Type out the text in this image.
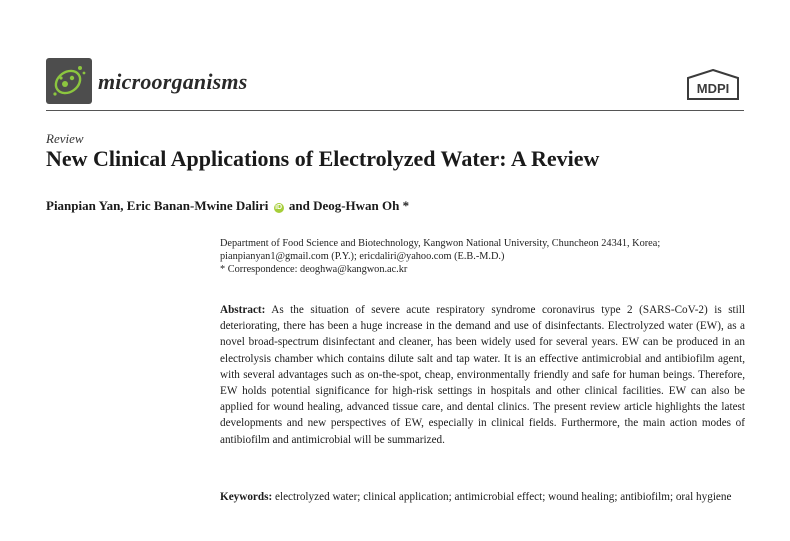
microorganisms	MDPI
Review
New Clinical Applications of Electrolyzed Water: A Review
Pianpian Yan, Eric Banan-Mwine Daliri iD and Deog-Hwan Oh *
Department of Food Science and Biotechnology, Kangwon National University, Chuncheon 24341, Korea;
pianpianyan1@gmail.com (P.Y.); ericdaliri@yahoo.com (E.B.-M.D.)
* Correspondence: deoghwa@kangwon.ac.kr
Abstract: As the situation of severe acute respiratory syndrome coronavirus type 2 (SARS-CoV-2) is still deteriorating, there has been a huge increase in the demand and use of disinfectants. Electrolyzed water (EW), as a novel broad-spectrum disinfectant and cleaner, has been widely used for several years. EW can be produced in an electrolysis chamber which contains dilute salt and tap water. It is an effective antimicrobial and antibiofilm agent, with several advantages such as on-the-spot, cheap, environmentally friendly and safe for human beings. Therefore, EW holds potential significance for high-risk settings in hospitals and other clinical facilities. EW can also be applied for wound healing, advanced tissue care, and dental clinics. The present review article highlights the latest developments and new perspectives of EW, especially in clinical fields. Furthermore, the main action modes of antibiofilm and antimicrobial will be summarized.
Keywords: electrolyzed water; clinical application; antimicrobial effect; wound healing; antibiofilm; oral hygiene
